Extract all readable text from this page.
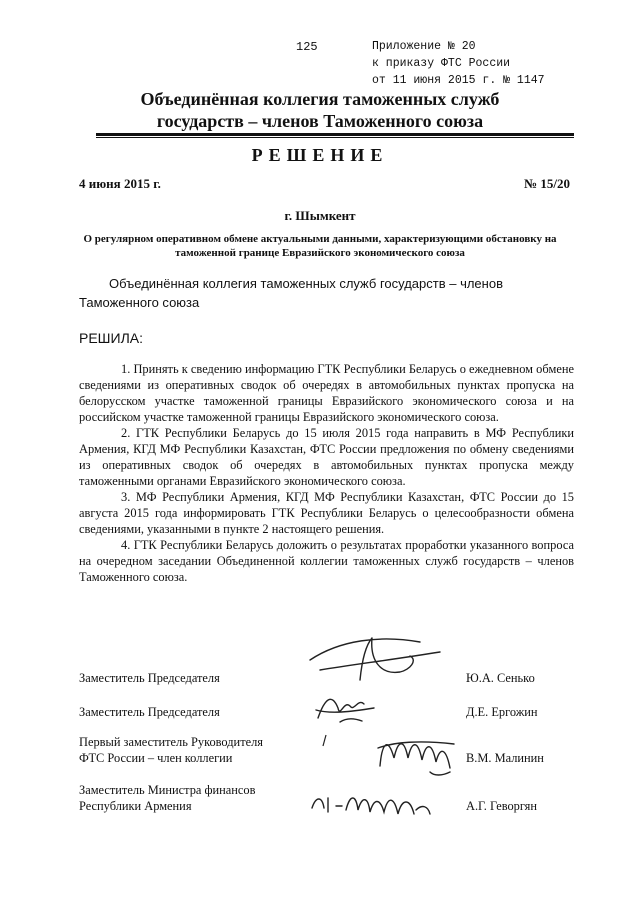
125	Приложение № 20
к приказу ФТС России
от 11 июня 2015 г. № 1147
Объединённая коллегия таможенных служб
государств – членов Таможенного союза
РЕШЕНИЕ
4 июня 2015 г.	№ 15/20
г. Шымкент
О регулярном оперативном обмене актуальными данными, характеризующими обстановку на таможенной границе Евразийского экономического союза
Объединённая коллегия таможенных служб государств – членов Таможенного союза
РЕШИЛА:

1. Принять к сведению информацию ГТК Республики Беларусь о ежедневном обмене сведениями из оперативных сводок об очередях в автомобильных пунктах пропуска на белорусском участке таможенной границы Евразийского экономического союза и на российском участке таможенной границы Евразийского экономического союза.

2. ГТК Республики Беларусь до 15 июля 2015 года направить в МФ Республики Армения, КГД МФ Республики Казахстан, ФТС России предложения по обмену сведениями из оперативных сводок об очередях в автомобильных пунктах пропуска между таможенными органами Евразийского экономического союза.

3. МФ Республики Армения, КГД МФ Республики Казахстан, ФТС России до 15 августа 2015 года информировать ГТК Республики Беларусь о целесообразности обмена сведениями, указанными в пункте 2 настоящего решения.

4. ГТК Республики Беларусь доложить о результатах проработки указанного вопроса на очередном заседании Объединенной коллегии таможенных служб государств – членов Таможенного союза.

Заместитель Председателя	Ю.А. Сенько
Заместитель Председателя	Д.Е. Ергожин
Первый заместитель Руководителя
ФТС России – член коллегии	В.М. Малинин
Заместитель Министра финансов
Республики Армения	А.Г. Геворгян
